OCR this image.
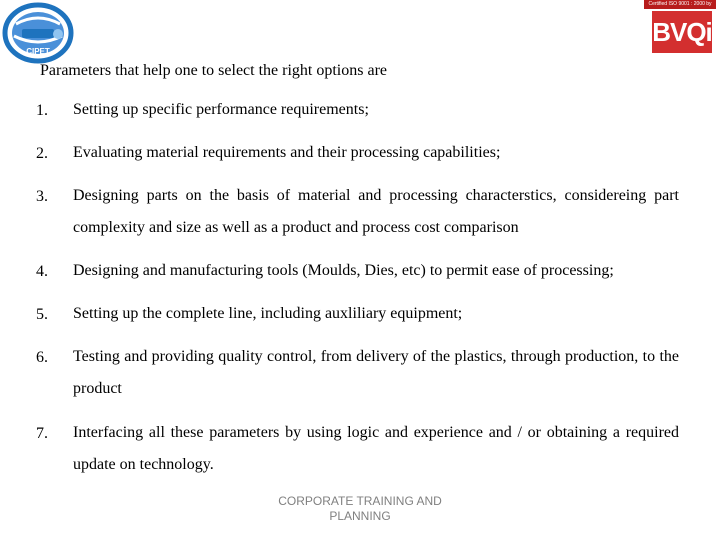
CIPET
Certified ISO 9001 : 2000 by
BVQi
Parameters that help one to select the right options are
1. Setting up specific performance requirements;

2. Evaluating material requirements and their processing capabilities;

3. Designing parts on the basis of material and processing characterstics, considereing part complexity and size as well as a product and process cost comparison

4. Designing and manufacturing tools (Moulds, Dies, etc) to permit ease of processing;

5. Setting up the complete line, including auxliliary equipment;

6. Testing and providing quality control, from delivery of the plastics, through production, to the product

7. Interfacing all these parameters by using logic and experience and / or obtaining a required update on technology.

CORPORATE TRAINING AND
PLANNING
